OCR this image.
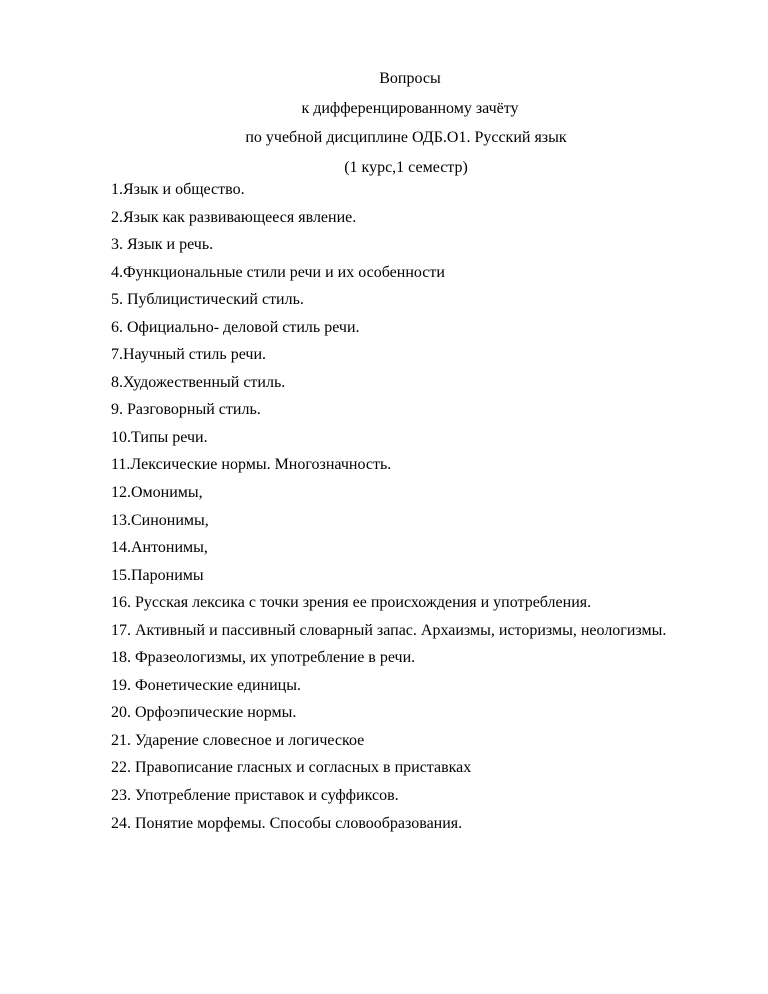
Вопросы
к дифференцированному зачёту
по учебной дисциплине ОДБ.О1. Русский язык
(1 курс,1 семестр)
1.Язык и общество.
2.Язык как развивающееся явление.
3. Язык и речь.
4.Функциональные стили речи и их особенности
5. Публицистический стиль.
6. Официально- деловой стиль речи.
7.Научный стиль речи.
8.Художественный стиль.
9. Разговорный стиль.
10.Типы речи.
11.Лексические нормы. Многозначность.
12.Омонимы,
13.Синонимы,
14.Антонимы,
15.Паронимы
16. Русская лексика с точки зрения ее происхождения и употребления.
17. Активный и пассивный словарный запас. Архаизмы, историзмы, неологизмы.
18. Фразеологизмы, их употребление в речи.
19. Фонетические единицы.
20. Орфоэпические нормы.
21. Ударение словесное и логическое
22. Правописание гласных и согласных в приставках
23. Употребление приставок и суффиксов.
24. Понятие морфемы. Способы словообразования.
